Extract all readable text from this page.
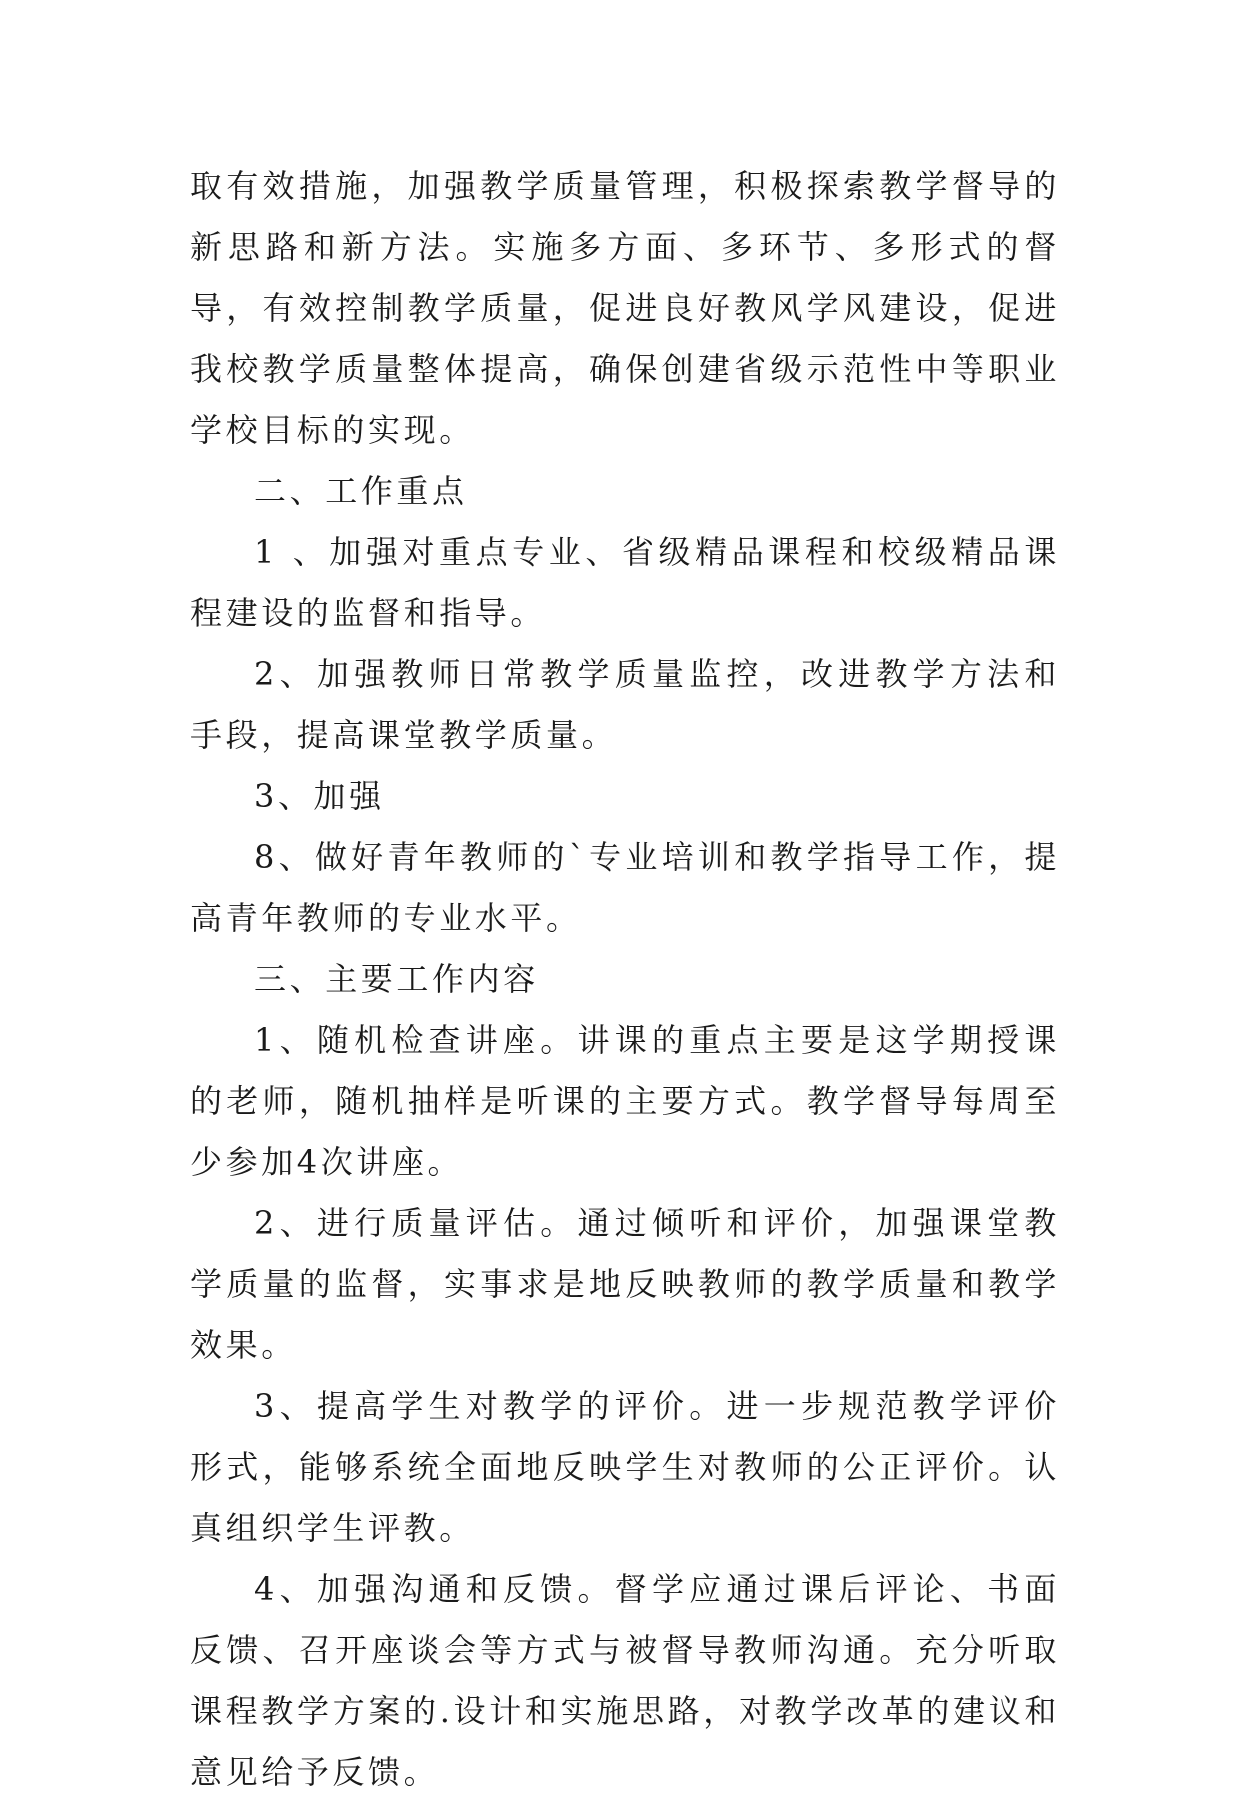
取有效措施，加强教学质量管理，积极探索教学督导的新思路和新方法。实施多方面、多环节、多形式的督导，有效控制教学质量，促进良好教风学风建设，促进我校教学质量整体提高，确保创建省级示范性中等职业学校目标的实现。

二、工作重点

1 、加强对重点专业、省级精品课程和校级精品课程建设的监督和指导。

2、加强教师日常教学质量监控，改进教学方法和手段，提高课堂教学质量。

3、加强

8、做好青年教师的`专业培训和教学指导工作，提高青年教师的专业水平。

三、主要工作内容

1、随机检查讲座。讲课的重点主要是这学期授课的老师，随机抽样是听课的主要方式。教学督导每周至少参加4次讲座。

2、进行质量评估。通过倾听和评价，加强课堂教学质量的监督，实事求是地反映教师的教学质量和教学效果。

3、提高学生对教学的评价。进一步规范教学评价形式，能够系统全面地反映学生对教师的公正评价。认真组织学生评教。

4、加强沟通和反馈。督学应通过课后评论、书面反馈、召开座谈会等方式与被督导教师沟通。充分听取课程教学方案的.设计和实施思路，对教学改革的建议和意见给予反馈。
